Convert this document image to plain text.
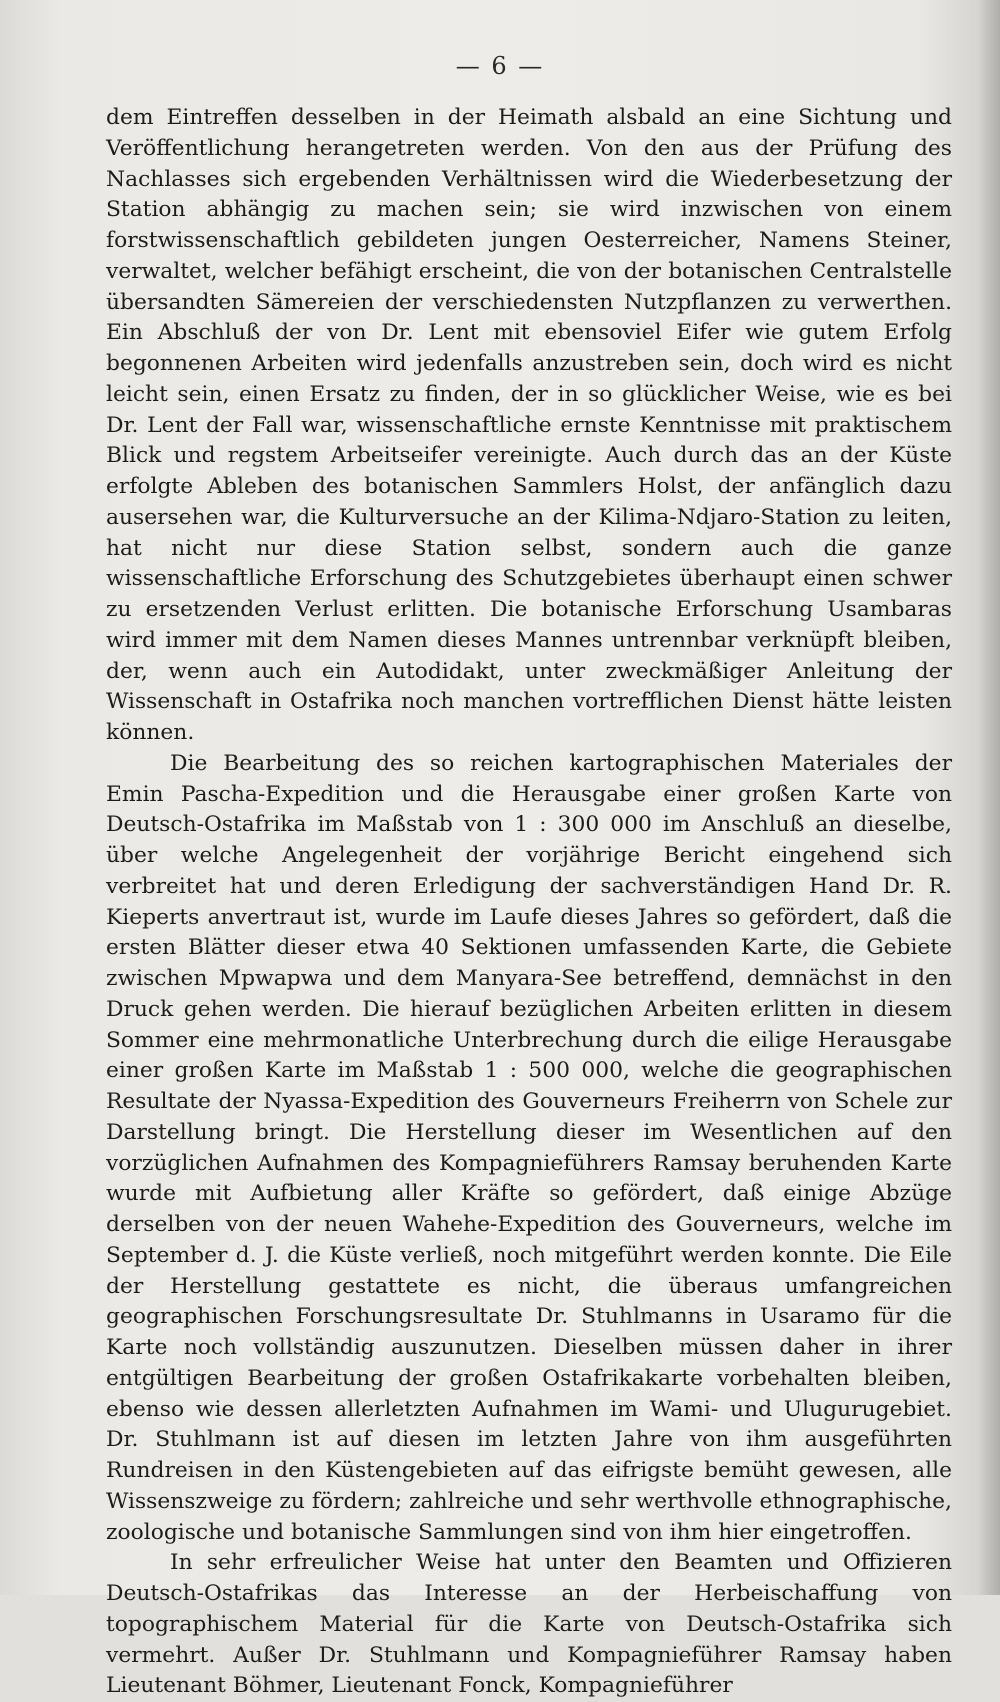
— 6 —

dem Eintreffen desselben in der Heimath alsbald an eine Sichtung und Veröffentlichung herangetreten werden. Von den aus der Prüfung des Nachlasses sich ergebenden Verhältnissen wird die Wiederbesetzung der Station abhängig zu machen sein; sie wird inzwischen von einem forstwissenschaftlich gebildeten jungen Oesterreicher, Namens Steiner, verwaltet, welcher befähigt erscheint, die von der botanischen Centralstelle übersandten Sämereien der verschiedensten Nutzpflanzen zu verwerthen. Ein Abschluß der von Dr. Lent mit ebensoviel Eifer wie gutem Erfolg begonnenen Arbeiten wird jedenfalls anzustreben sein, doch wird es nicht leicht sein, einen Ersatz zu finden, der in so glücklicher Weise, wie es bei Dr. Lent der Fall war, wissenschaftliche ernste Kenntnisse mit praktischem Blick und regstem Arbeitseifer vereinigte. Auch durch das an der Küste erfolgte Ableben des botanischen Sammlers Holst, der anfänglich dazu ausersehen war, die Kulturversuche an der Kilima-Ndjaro-Station zu leiten, hat nicht nur diese Station selbst, sondern auch die ganze wissenschaftliche Erforschung des Schutzgebietes überhaupt einen schwer zu ersetzenden Verlust erlitten. Die botanische Erforschung Usambaras wird immer mit dem Namen dieses Mannes untrennbar verknüpft bleiben, der, wenn auch ein Autodidakt, unter zweckmäßiger Anleitung der Wissenschaft in Ostafrika noch manchen vortrefflichen Dienst hätte leisten können.

Die Bearbeitung des so reichen kartographischen Materiales der Emin Pascha-Expedition und die Herausgabe einer großen Karte von Deutsch-Ostafrika im Maßstab von 1 : 300 000 im Anschluß an dieselbe, über welche Angelegenheit der vorjährige Bericht eingehend sich verbreitet hat und deren Erledigung der sachverständigen Hand Dr. R. Kieperts anvertraut ist, wurde im Laufe dieses Jahres so gefördert, daß die ersten Blätter dieser etwa 40 Sektionen umfassenden Karte, die Gebiete zwischen Mpwapwa und dem Manyara-See betreffend, demnächst in den Druck gehen werden. Die hierauf bezüglichen Arbeiten erlitten in diesem Sommer eine mehrmonatliche Unterbrechung durch die eilige Herausgabe einer großen Karte im Maßstab 1 : 500 000, welche die geographischen Resultate der Nyassa-Expedition des Gouverneurs Freiherrn von Schele zur Darstellung bringt. Die Herstellung dieser im Wesentlichen auf den vorzüglichen Aufnahmen des Kompagnieführers Ramsay beruhenden Karte wurde mit Aufbietung aller Kräfte so gefördert, daß einige Abzüge derselben von der neuen Wahehe-Expedition des Gouverneurs, welche im September d. J. die Küste verließ, noch mitgeführt werden konnte. Die Eile der Herstellung gestattete es nicht, die überaus umfangreichen geographischen Forschungsresultate Dr. Stuhlmanns in Usaramo für die Karte noch vollständig auszunutzen. Dieselben müssen daher in ihrer entgültigen Bearbeitung der großen Ostafrikakarte vorbehalten bleiben, ebenso wie dessen allerletzten Aufnahmen im Wami- und Ulugurugebiet. Dr. Stuhlmann ist auf diesen im letzten Jahre von ihm ausgeführten Rundreisen in den Küstengebieten auf das eifrigste bemüht gewesen, alle Wissenszweige zu fördern; zahlreiche und sehr werthvolle ethnographische, zoologische und botanische Sammlungen sind von ihm hier eingetroffen.

In sehr erfreulicher Weise hat unter den Beamten und Offizieren Deutsch-Ostafrikas das Interesse an der Herbeischaffung von topographischem Material für die Karte von Deutsch-Ostafrika sich vermehrt. Außer Dr. Stuhlmann und Kompagnieführer Ramsay haben Lieutenant Böhmer, Lieutenant Fonck, Kompagnieführer
